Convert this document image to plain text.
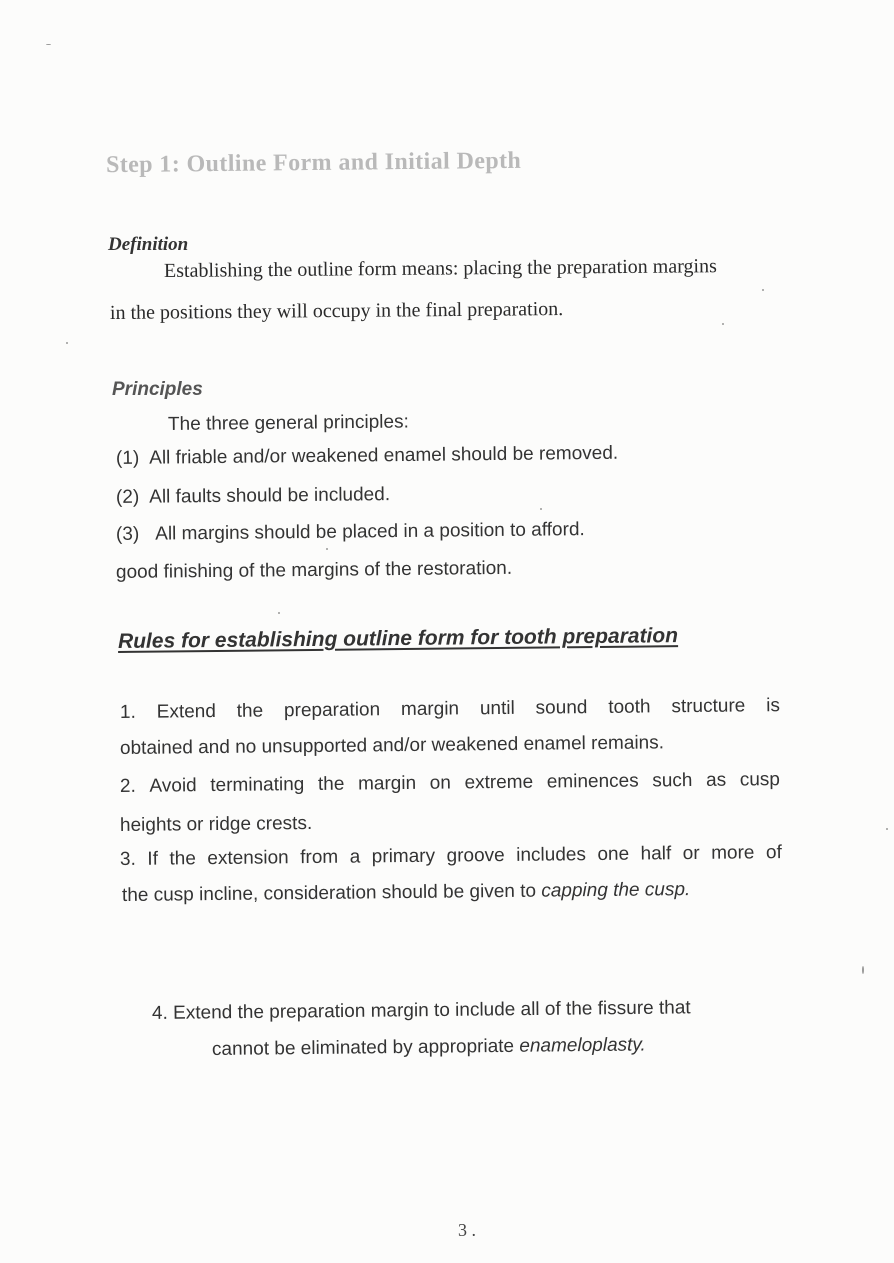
Step 1: Outline Form and Initial Depth
Definition
Establishing the outline form means: placing the preparation margins
in the positions they will occupy in the final preparation.
Principles
The three general principles:
(1) All friable and/or weakened enamel should be removed.
(2) All faults should be included.
(3) All margins should be placed in a position to afford.
good finishing of the margins of the restoration.
Rules for establishing outline form for tooth preparation
1. Extend the preparation margin until sound tooth structure is
obtained and no unsupported and/or weakened enamel remains.
2. Avoid terminating the margin on extreme eminences such as cusp
heights or ridge crests.
3. If the extension from a primary groove includes one half or more of
the cusp incline, consideration should be given to capping the cusp.
4. Extend the preparation margin to include all of the fissure that
cannot be eliminated by appropriate enameloplasty.
3 .
